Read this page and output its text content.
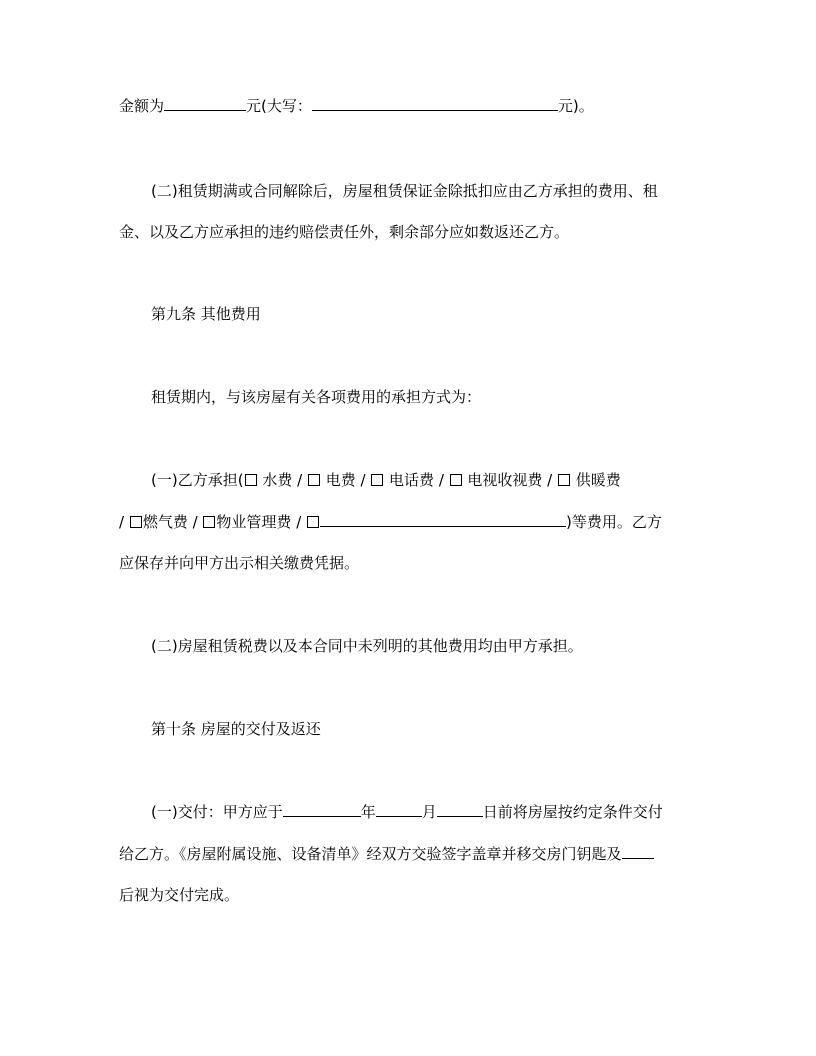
金额为	元(大写：	元)。
(二)租赁期满或合同解除后，房屋租赁保证金除抵扣应由乙方承担的费用、租
金、以及乙方应承担的违约赔偿责任外，剩余部分应如数返还乙方。
第九条 其他费用
租赁期内，与该房屋有关各项费用的承担方式为：
(一)乙方承担( 水费 /  电费 /  电话费 /  电视收视费 /  供暖费
/ 燃气费 / 物业管理费 /	)等费用。乙方
应保存并向甲方出示相关缴费凭据。
(二)房屋租赁税费以及本合同中未列明的其他费用均由甲方承担。
第十条 房屋的交付及返还
(一)交付：甲方应于	年	月	日前将房屋按约定条件交付
给乙方。《房屋附属设施、设备清单》经双方交验签字盖章并移交房门钥匙及
后视为交付完成。
